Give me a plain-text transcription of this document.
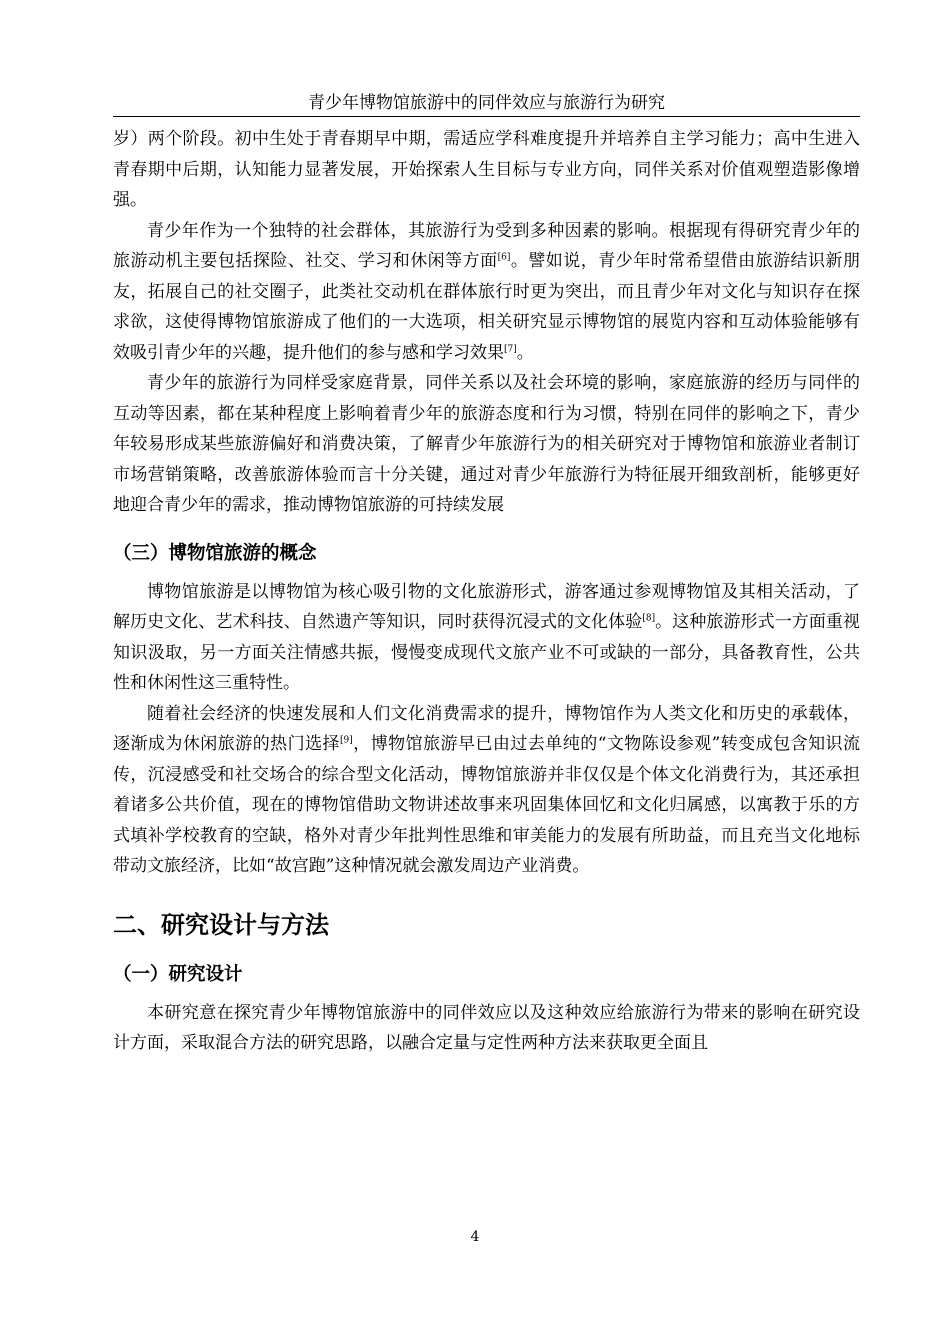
青少年博物馆旅游中的同伴效应与旅游行为研究

岁）两个阶段。初中生处于青春期早中期，需适应学科难度提升并培养自主学习能力；高中生进入青春期中后期，认知能力显著发展，开始探索人生目标与专业方向，同伴关系对价值观塑造影像增强。

青少年作为一个独特的社会群体，其旅游行为受到多种因素的影响。根据现有得研究青少年的旅游动机主要包括探险、社交、学习和休闲等方面[6]。譬如说，青少年时常希望借由旅游结识新朋友，拓展自己的社交圈子，此类社交动机在群体旅行时更为突出，而且青少年对文化与知识存在探求欲，这使得博物馆旅游成了他们的一大选项，相关研究显示博物馆的展览内容和互动体验能够有效吸引青少年的兴趣，提升他们的参与感和学习效果[7]。

青少年的旅游行为同样受家庭背景，同伴关系以及社会环境的影响，家庭旅游的经历与同伴的互动等因素，都在某种程度上影响着青少年的旅游态度和行为习惯，特别在同伴的影响之下，青少年较易形成某些旅游偏好和消费决策，了解青少年旅游行为的相关研究对于博物馆和旅游业者制订市场营销策略，改善旅游体验而言十分关键，通过对青少年旅游行为特征展开细致剖析，能够更好地迎合青少年的需求，推动博物馆旅游的可持续发展

（三）博物馆旅游的概念

博物馆旅游是以博物馆为核心吸引物的文化旅游形式，游客通过参观博物馆及其相关活动，了解历史文化、艺术科技、自然遗产等知识，同时获得沉浸式的文化体验[8]。这种旅游形式一方面重视知识汲取，另一方面关注情感共振，慢慢变成现代文旅产业不可或缺的一部分，具备教育性，公共性和休闲性这三重特性。

随着社会经济的快速发展和人们文化消费需求的提升，博物馆作为人类文化和历史的承载体，逐渐成为休闲旅游的热门选择[9]，博物馆旅游早已由过去单纯的“文物陈设参观”转变成包含知识流传，沉浸感受和社交场合的综合型文化活动，博物馆旅游并非仅仅是个体文化消费行为，其还承担着诸多公共价值，现在的博物馆借助文物讲述故事来巩固集体回忆和文化归属感，以寓教于乐的方式填补学校教育的空缺，格外对青少年批判性思维和审美能力的发展有所助益，而且充当文化地标带动文旅经济，比如“故宫跑”这种情况就会激发周边产业消费。

二、研究设计与方法
（一）研究设计

本研究意在探究青少年博物馆旅游中的同伴效应以及这种效应给旅游行为带来的影响在研究设计方面，采取混合方法的研究思路，以融合定量与定性两种方法来获取更全面且

4
